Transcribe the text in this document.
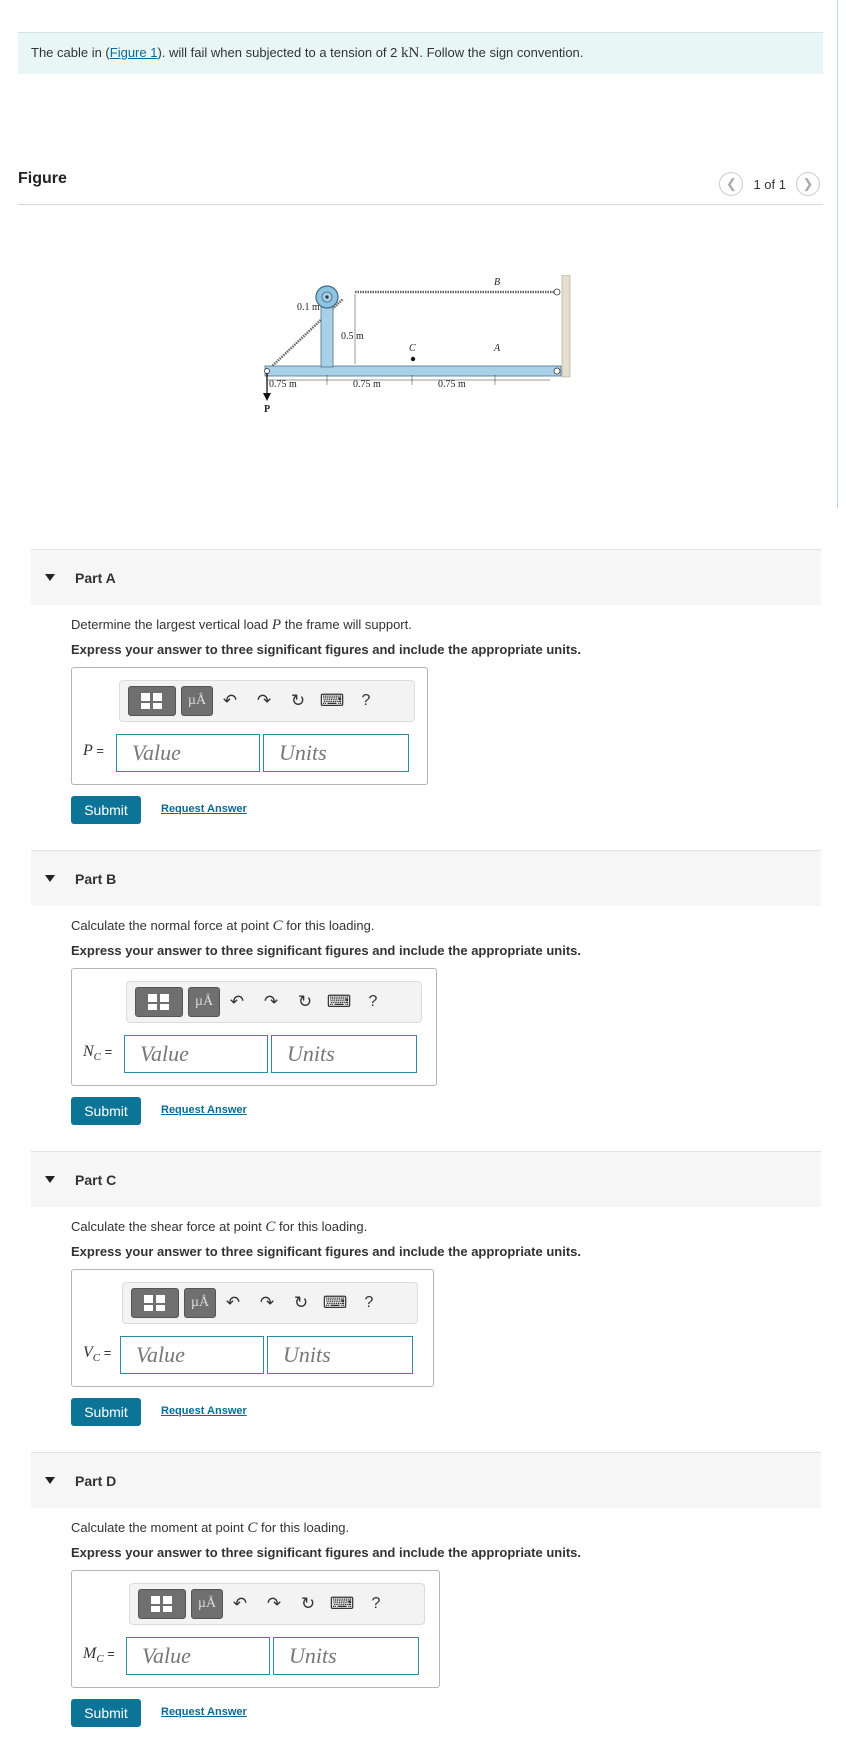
The cable in (Figure 1). will fail when subjected to a tension of 2 kN. Follow the sign convention.
Figure	❮	1 of 1	❯
0.1 m
0.5 m
0.75 m	0.75 m	0.75 m
B
A
C
P
Part A
Determine the largest vertical load P the frame will support.
Express your answer to three significant figures and include the appropriate units.
µÅ ↶	↷	↻ ⌨	?
P =	Value	Units
Submit	Request Answer
Part B
Calculate the normal force at point C for this loading.
Express your answer to three significant figures and include the appropriate units.
µÅ ↶	↷	↻ ⌨	?
$N_C$ =	Value	Units
Submit	Request Answer
Part C
Calculate the shear force at point C for this loading.
Express your answer to three significant figures and include the appropriate units.
µÅ ↶	↷	↻ ⌨	?
$V_C$ =	Value	Units
Submit	Request Answer
Part D
Calculate the moment at point C for this loading.
Express your answer to three significant figures and include the appropriate units.
µÅ ↶	↷	↻ ⌨	?
$M_C$ =	Value	Units
Submit	Request Answer
